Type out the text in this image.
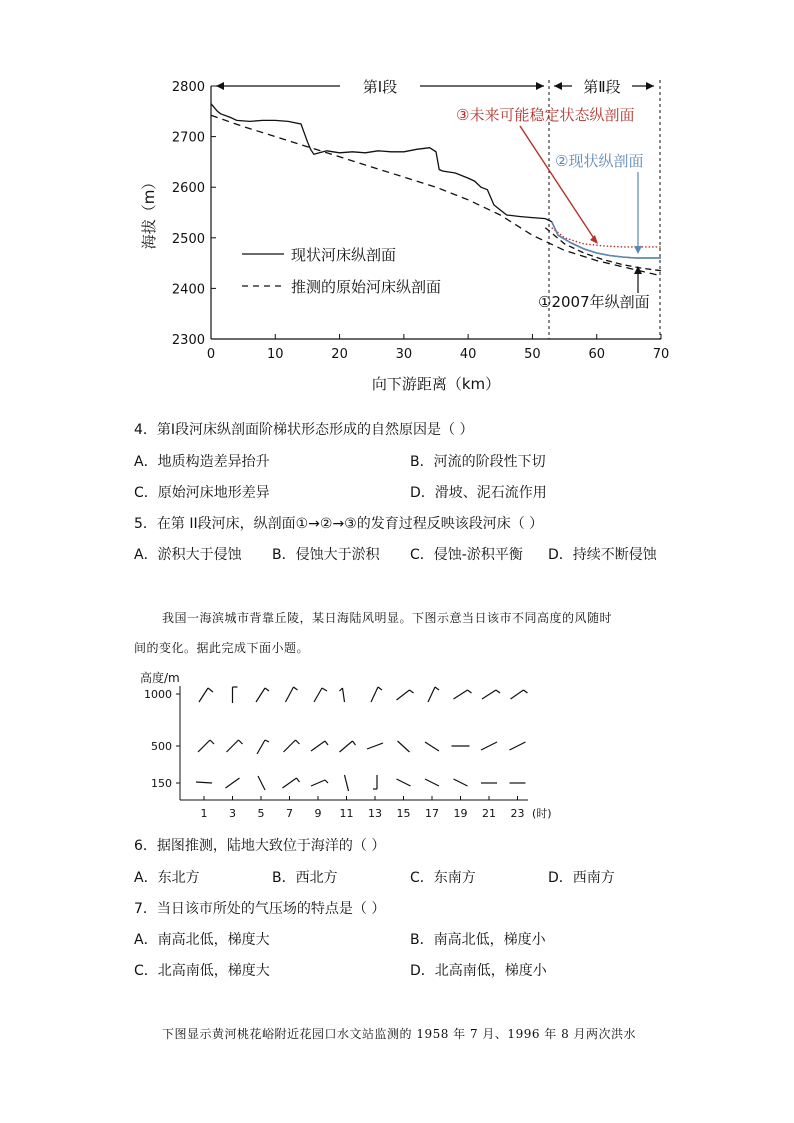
2300
2400
2500
2600
2700
2800
0	10	20	30	40	50	60	70
第Ⅰ段	第Ⅱ段
③未来可能稳定状态纵剖面
②现状纵剖面
①2007年纵剖面
现状河床纵剖面
推测的原始河床纵剖面
海拔（m）
向下游距离（km）
4．第Ⅰ段河床纵剖面阶梯状形态形成的自然原因是（ ）
A．地质构造差异抬升	B．河流的阶段性下切
C．原始河床地形差异	D．滑坡、泥石流作用
5．在第 II段河床，纵剖面①→②→③的发育过程反映该段河床（ ）
A．淤积大于侵蚀 B．侵蚀大于淤积 C．侵蚀-淤积平衡 D．持续不断侵蚀
我国一海滨城市背靠丘陵，某日海陆风明显。下图示意当日该市不同高度的风随时
间的变化。据此完成下面小题。
高度/m
1000
500
150
1 3 5 7 9 11 13 15 17 19 21 23 (时)
6．据图推测，陆地大致位于海洋的（ ）
A．东北方	B．西北方	C．东南方	D．西南方
7．当日该市所处的气压场的特点是（ ）
A．南高北低，梯度大	B．南高北低，梯度小
C．北高南低，梯度大	D．北高南低，梯度小
下图显示黄河桃花峪附近花园口水文站监测的 1958 年 7 月、1996 年 8 月两次洪水
